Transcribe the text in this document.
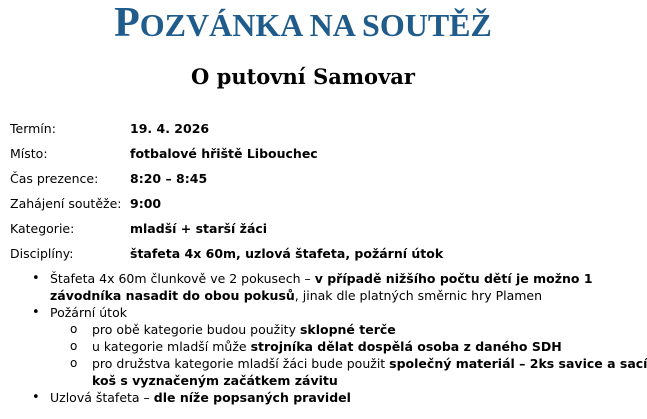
POZVÁNKA NA SOUTĚŽ
O putovní Samovar
Termín:	19. 4. 2026
Místo:	fotbalové hřiště Libouchec
Čas prezence:	8:20 – 8:45
Zahájení soutěže: 9:00
Kategorie:	mladší + starší žáci
Disciplíny:	štafeta 4x 60m, uzlová štafeta, požární útok
• Štafeta 4x 60m člunkově ve 2 pokusech – v případě nižšího počtu dětí je možno 1
závodníka nasadit do obou pokusů, jinak dle platných směrnic hry Plamen
• Požární útok
o pro obě kategorie budou použity sklopné terče
o u kategorie mladší může strojníka dělat dospělá osoba z daného SDH
o pro družstva kategorie mladší žáci bude použit společný materiál – 2ks savice a sací
koš s vyznačeným začátkem závitu
• Uzlová štafeta – dle níže popsaných pravidel
